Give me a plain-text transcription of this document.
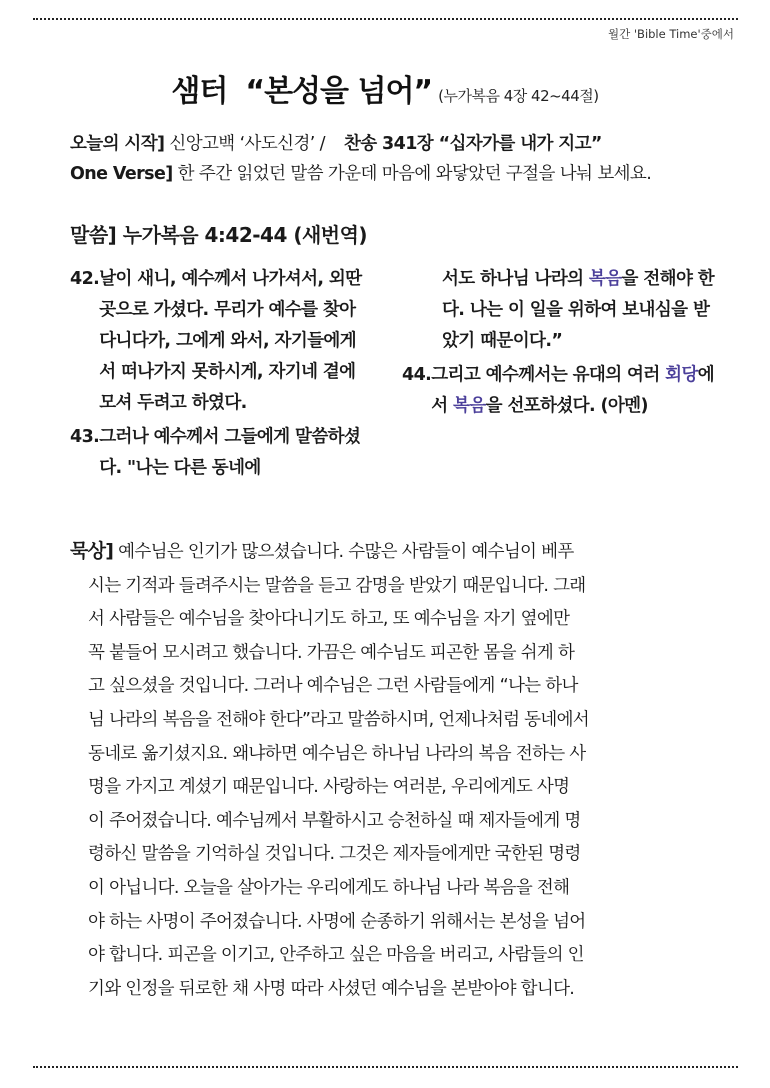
월간 'Bible Time'중에서
샘터 “본성을 넘어” (누가복음 4장 42~44절)
오늘의 시작] 신앙고백 ‘사도신경’ / 찬송 341장 “십자가를 내가 지고”
One Verse] 한 주간 읽었던 말씀 가운데 마음에 와닿았던 구절을 나눠 보세요.
말씀] 누가복음 4:42-44 (새번역)
42. 날이 새니, 예수께서 나가셔서, 외딴 곳으로 가셨다. 무리가 예수를 찾아다니다가, 그에게 와서, 자기들에게서 떠나가지 못하시게, 자기네 곁에 모셔 두려고 하였다.
43. 그러나 예수께서 그들에게 말씀하셨다. "나는 다른 동네에
서도 하나님 나라의 복음을 전해야 한다. 나는 이 일을 위하여 보내심을 받았기 때문이다.”
44. 그리고 예수께서는 유대의 여러 회당에서 복음을 선포하셨다. (아멘)
묵상] 예수님은 인기가 많으셨습니다. 수많은 사람들이 예수님이 베푸
시는 기적과 들려주시는 말씀을 듣고 감명을 받았기 때문입니다. 그래
서 사람들은 예수님을 찾아다니기도 하고, 또 예수님을 자기 옆에만
꼭 붙들어 모시려고 했습니다. 가끔은 예수님도 피곤한 몸을 쉬게 하
고 싶으셨을 것입니다. 그러나 예수님은 그런 사람들에게 “나는 하나
님 나라의 복음을 전해야 한다”라고 말씀하시며, 언제나처럼 동네에서
동네로 옮기셨지요. 왜냐하면 예수님은 하나님 나라의 복음 전하는 사
명을 가지고 계셨기 때문입니다. 사랑하는 여러분, 우리에게도 사명
이 주어졌습니다. 예수님께서 부활하시고 승천하실 때 제자들에게 명
령하신 말씀을 기억하실 것입니다. 그것은 제자들에게만 국한된 명령
이 아닙니다. 오늘을 살아가는 우리에게도 하나님 나라 복음을 전해
야 하는 사명이 주어졌습니다. 사명에 순종하기 위해서는 본성을 넘어
야 합니다. 피곤을 이기고, 안주하고 싶은 마음을 버리고, 사람들의 인
기와 인정을 뒤로한 채 사명 따라 사셨던 예수님을 본받아야 합니다.
